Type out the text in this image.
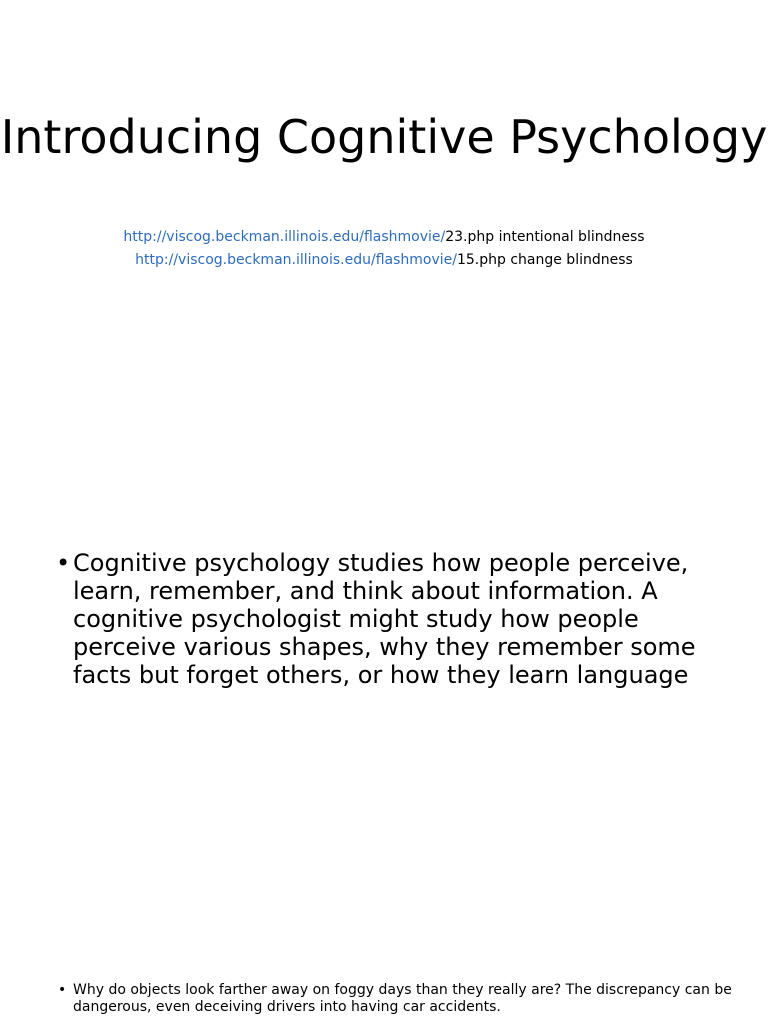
Introducing Cognitive Psychology
http://viscog.beckman.illinois.edu/flashmovie/23.php intentional blindness
http://viscog.beckman.illinois.edu/flashmovie/15.php change blindness
• Cognitive psychology studies how people perceive, learn, remember, and think about information. A cognitive psychologist might study how people perceive various shapes, why they remember some facts but forget others, or how they learn language
• Why do objects look farther away on foggy days than they really are? The discrepancy can be dangerous, even deceiving drivers into having car accidents.
